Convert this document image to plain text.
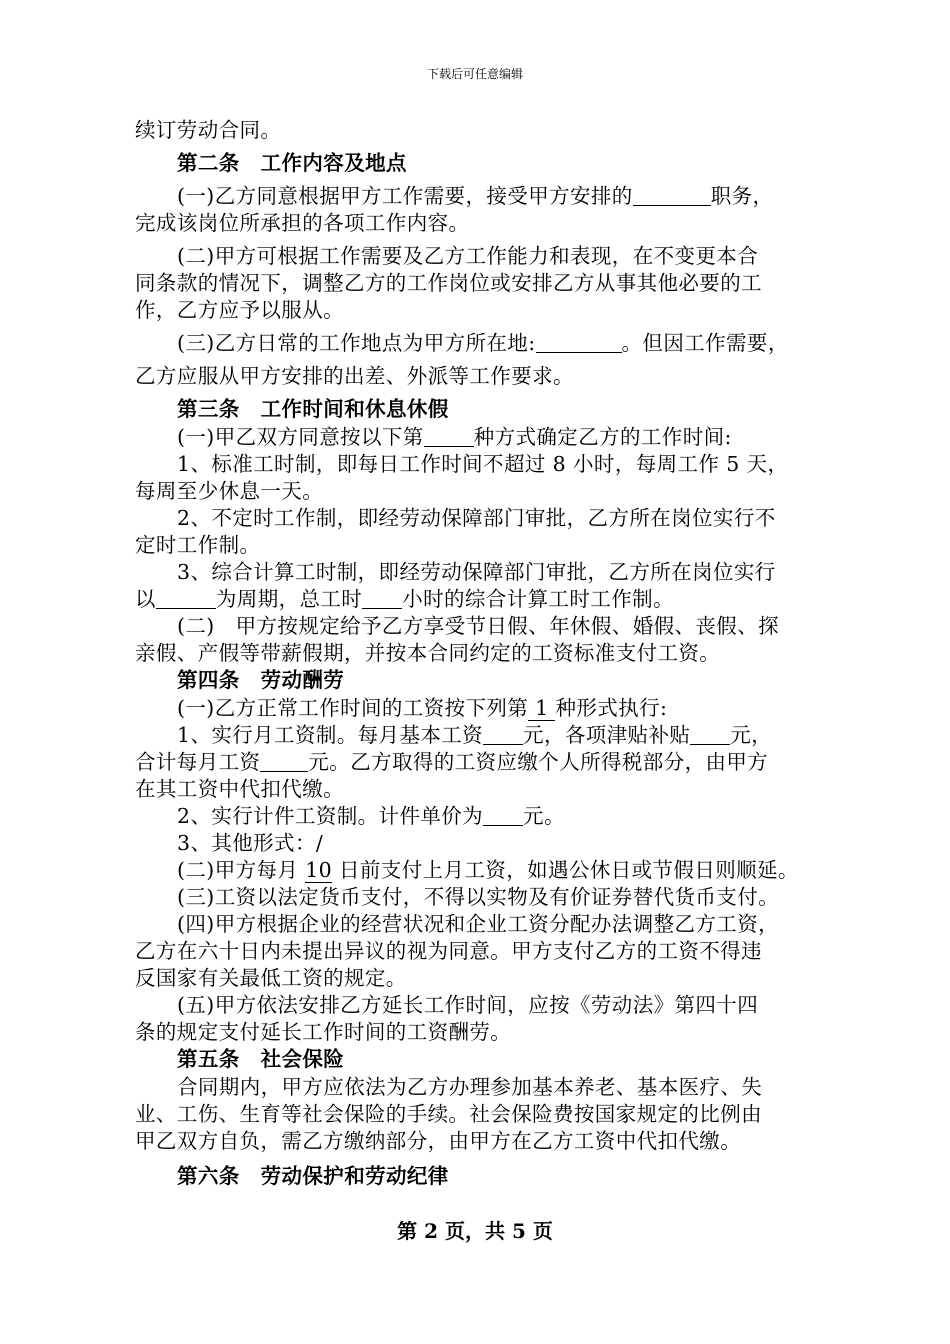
下载后可任意编辑

续订劳动合同。

第二条　工作内容及地点

(一)乙方同意根据甲方工作需要，接受甲方安排的	职务，

完成该岗位所承担的各项工作内容。

(二)甲方可根据工作需要及乙方工作能力和表现，在不变更本合

同条款的情况下，调整乙方的工作岗位或安排乙方从事其他必要的工

作，乙方应予以服从。

(三)乙方日常的工作地点为甲方所在地:	。但因工作需要，

乙方应服从甲方安排的出差、外派等工作要求。

第三条　工作时间和休息休假

(一)甲乙双方同意按以下第 种方式确定乙方的工作时间:

1、标准工时制，即每日工作时间不超过 8 小时，每周工作 5 天，

每周至少休息一天。

2、不定时工作制，即经劳动保障部门审批，乙方所在岗位实行不

定时工作制。

3、综合计算工时制，即经劳动保障部门审批，乙方所在岗位实行

以	为周期，总工时 小时的综合计算工时工作制。

(二)　甲方按规定给予乙方享受节日假、年休假、婚假、丧假、探

亲假、产假等带薪假期，并按本合同约定的工资标准支付工资。

第四条　劳动酬劳

(一)乙方正常工作时间的工资按下列第 1 种形式执行:

1、实行月工资制。每月基本工资 元，各项津贴补贴 元，

合计每月工资 元。乙方取得的工资应缴个人所得税部分，由甲方

在其工资中代扣代缴。

2、实行计件工资制。计件单价为 元。

3、其他形式：/

(二)甲方每月 10 日前支付上月工资，如遇公休日或节假日则顺延。

(三)工资以法定货币支付，不得以实物及有价证券替代货币支付。

(四)甲方根据企业的经营状况和企业工资分配办法调整乙方工资，

乙方在六十日内未提出异议的视为同意。甲方支付乙方的工资不得违

反国家有关最低工资的规定。

(五)甲方依法安排乙方延长工作时间，应按《劳动法》第四十四

条的规定支付延长工作时间的工资酬劳。

第五条　社会保险

合同期内，甲方应依法为乙方办理参加基本养老、基本医疗、失

业、工伤、生育等社会保险的手续。社会保险费按国家规定的比例由

甲乙双方自负，需乙方缴纳部分，由甲方在乙方工资中代扣代缴。

第六条　劳动保护和劳动纪律

第 2 页，共 5 页
